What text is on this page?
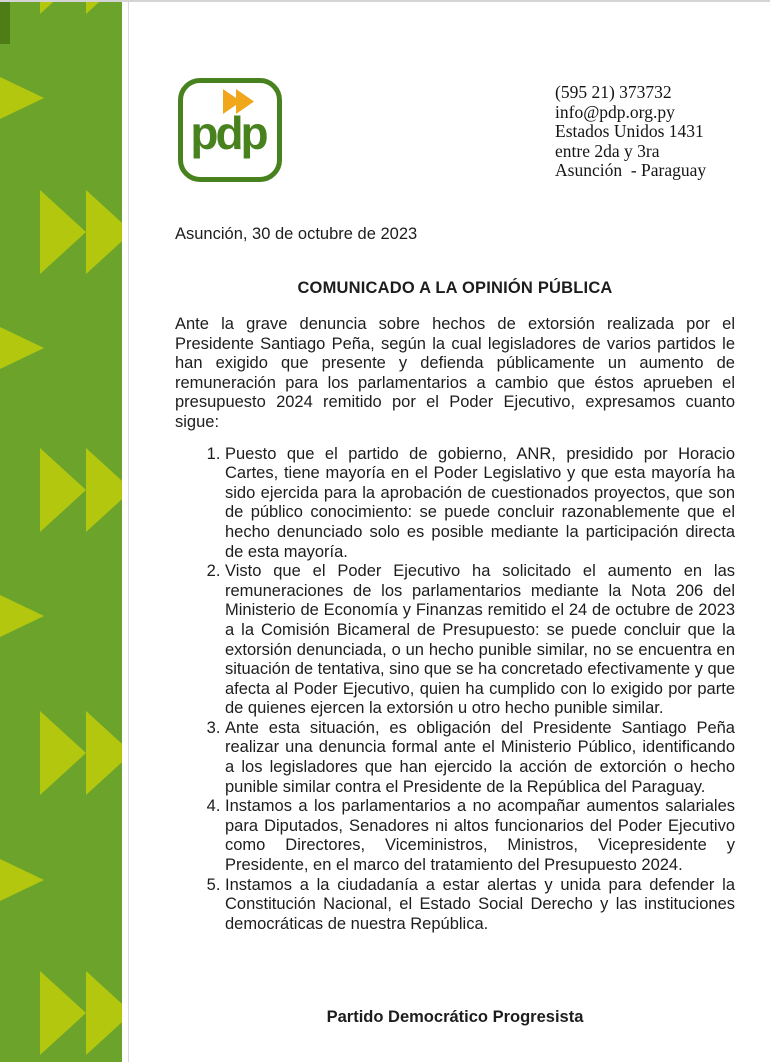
pdp
(595 21) 373732
info@pdp.org.py
Estados Unidos 1431
entre 2da y 3ra
Asunción  - Paraguay
Asunción, 30 de octubre de 2023
COMUNICADO A LA OPINIÓN PÚBLICA

Ante la grave denuncia sobre hechos de extorsión realizada por el Presidente Santiago Peña, según la cual legisladores de varios partidos le han exigido que presente y defienda públicamente un aumento de remuneración para los parlamentarios a cambio que éstos aprueben el presupuesto 2024 remitido por el Poder Ejecutivo, expresamos cuanto sigue:

1. Puesto que el partido de gobierno, ANR, presidido por Horacio Cartes, tiene mayoría en el Poder Legislativo y que esta mayoría ha sido ejercida para la aprobación de cuestionados proyectos, que son de público conocimiento: se puede concluir razonablemente que el hecho denunciado solo es posible mediante la participación directa de esta mayoría.
2. Visto que el Poder Ejecutivo ha solicitado el aumento en las remuneraciones de los parlamentarios mediante la Nota 206 del Ministerio de Economía y Finanzas remitido el 24 de octubre de 2023 a la Comisión Bicameral de Presupuesto: se puede concluir que la extorsión denunciada, o un hecho punible similar, no se encuentra en situación de tentativa, sino que se ha concretado efectivamente y que afecta al Poder Ejecutivo, quien ha cumplido con lo exigido por parte de quienes ejercen la extorsión u otro hecho punible similar.
3. Ante esta situación, es obligación del Presidente Santiago Peña realizar una denuncia formal ante el Ministerio Público, identificando a los legisladores que han ejercido la acción de extorción o hecho punible similar contra el Presidente de la República del Paraguay.
4. Instamos a los parlamentarios a no acompañar aumentos salariales para Diputados, Senadores ni altos funcionarios del Poder Ejecutivo como Directores, Viceministros, Ministros, Vicepresidente y Presidente, en el marco del tratamiento del Presupuesto 2024.
5. Instamos a la ciudadanía a estar alertas y unida para defender la Constitución Nacional, el Estado Social Derecho y las instituciones democráticas de nuestra República.
Partido Democrático Progresista
